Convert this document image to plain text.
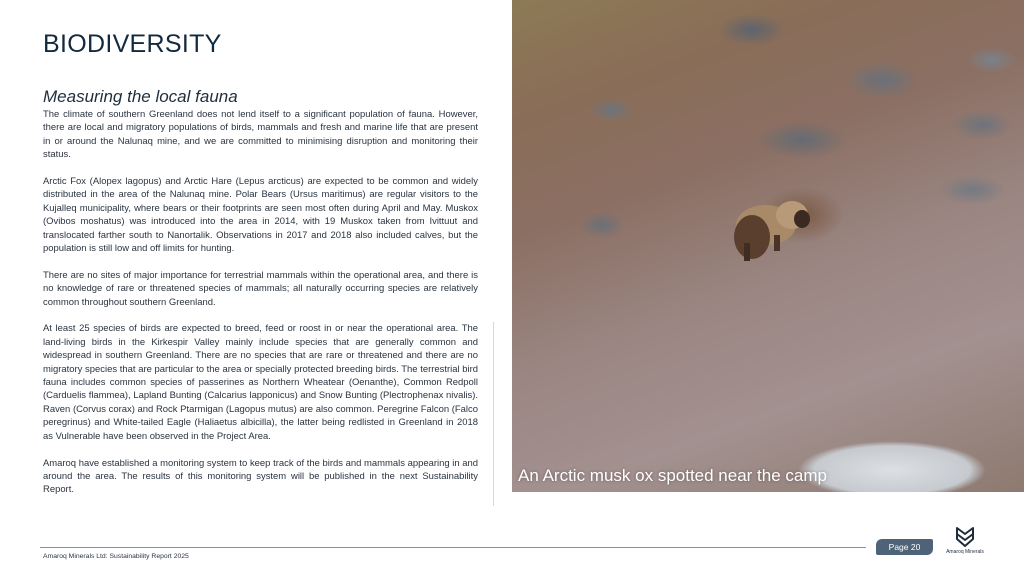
BIODIVERSITY
Measuring the local fauna

The climate of southern Greenland does not lend itself to a significant population of fauna. However, there are local and migratory populations of birds, mammals and fresh and marine life that are present in or around the Nalunaq mine, and we are committed to minimising disruption and monitoring their status.

Arctic Fox (Alopex lagopus) and Arctic Hare (Lepus arcticus) are expected to be common and widely distributed in the area of the Nalunaq mine. Polar Bears (Ursus maritimus) are regular visitors to the Kujalleq municipality, where bears or their footprints are seen most often during April and May. Muskox (Ovibos moshatus) was introduced into the area in 2014, with 19 Muskox taken from Ivittuut and translocated farther south to Nanortalik. Observations in 2017 and 2018 also included calves, but the population is still low and off limits for hunting.

There are no sites of major importance for terrestrial mammals within the operational area, and there is no knowledge of rare or threatened species of mammals; all naturally occurring species are relatively common throughout southern Greenland.

At least 25 species of birds are expected to breed, feed or roost in or near the operational area. The land-living birds in the Kirkespir Valley mainly include species that are generally common and widespread in southern Greenland. There are no species that are rare or threatened and there are no migratory species that are particular to the area or specially protected breeding birds. The terrestrial bird fauna includes common species of passerines as Northern Wheatear (Oenanthe), Common Redpoll (Carduelis flammea), Lapland Bunting (Calcarius lapponicus) and Snow Bunting (Plectrophenax nivalis). Raven (Corvus corax) and Rock Ptarmigan (Lagopus mutus) are also common. Peregrine Falcon (Falco peregrinus) and White-tailed Eagle (Haliaetus albicilla), the latter being redlisted in Greenland in 2018 as Vulnerable have been observed in the Project Area.

Amaroq have established a monitoring system to keep track of the birds and mammals appearing in and around the area. The results of this monitoring system will be published in the next Sustainability Report.

An Arctic musk ox spotted near the camp
Amaroq Minerals Ltd: Sustainability Report 2025
Page 20	Amaroq Minerals
